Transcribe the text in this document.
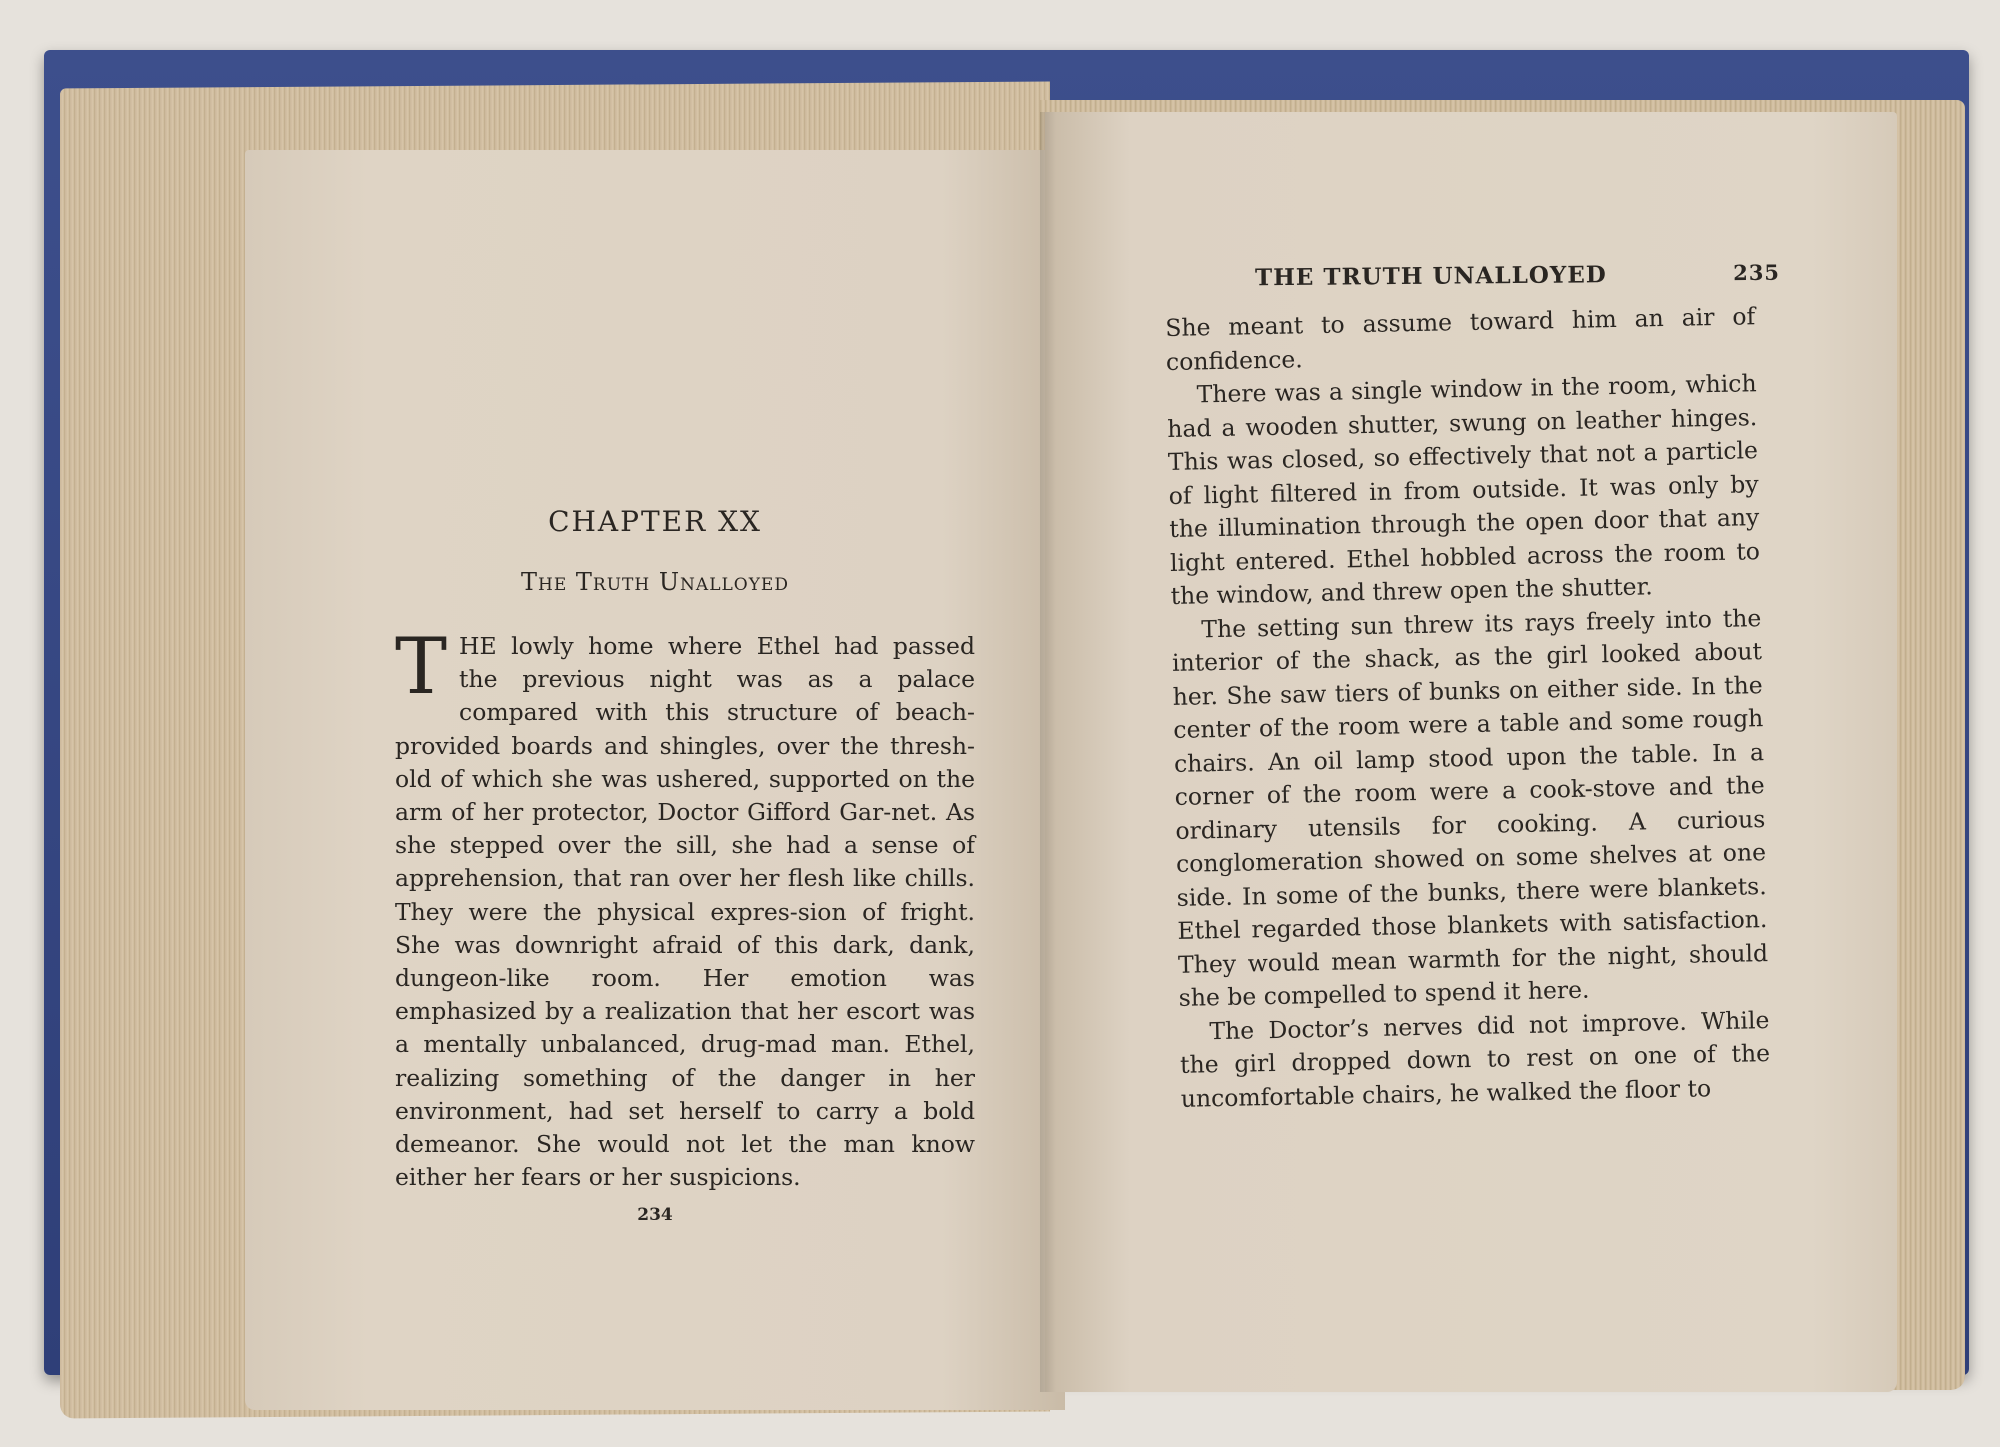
CHAPTER XX
The Truth Unalloyed

THE lowly home where Ethel had passed the previous night was as a palace compared with this structure of beach-provided boards and shingles, over the thresh-old of which she was ushered, supported on the arm of her protector, Doctor Gifford Gar-net. As she stepped over the sill, she had a sense of apprehension, that ran over her flesh like chills. They were the physical expres-sion of fright. She was downright afraid of this dark, dank, dungeon-like room. Her emotion was emphasized by a realization that her escort was a mentally unbalanced, drug-mad man. Ethel, realizing something of the danger in her environment, had set herself to carry a bold demeanor. She would not let the man know either her fears or her suspicions.

234
THE TRUTH UNALLOYED	235

She meant to assume toward him an air of confidence.

There was a single window in the room, which had a wooden shutter, swung on leather hinges. This was closed, so effectively that not a particle of light filtered in from outside. It was only by the illumination through the open door that any light entered. Ethel hobbled across the room to the window, and threw open the shutter.

The setting sun threw its rays freely into the interior of the shack, as the girl looked about her. She saw tiers of bunks on either side. In the center of the room were a table and some rough chairs. An oil lamp stood upon the table. In a corner of the room were a cook-stove and the ordinary utensils for cooking. A curious conglomeration showed on some shelves at one side. In some of the bunks, there were blankets. Ethel regarded those blankets with satisfaction. They would mean warmth for the night, should she be compelled to spend it here.

The Doctor’s nerves did not improve. While the girl dropped down to rest on one of the uncomfortable chairs, he walked the floor to
